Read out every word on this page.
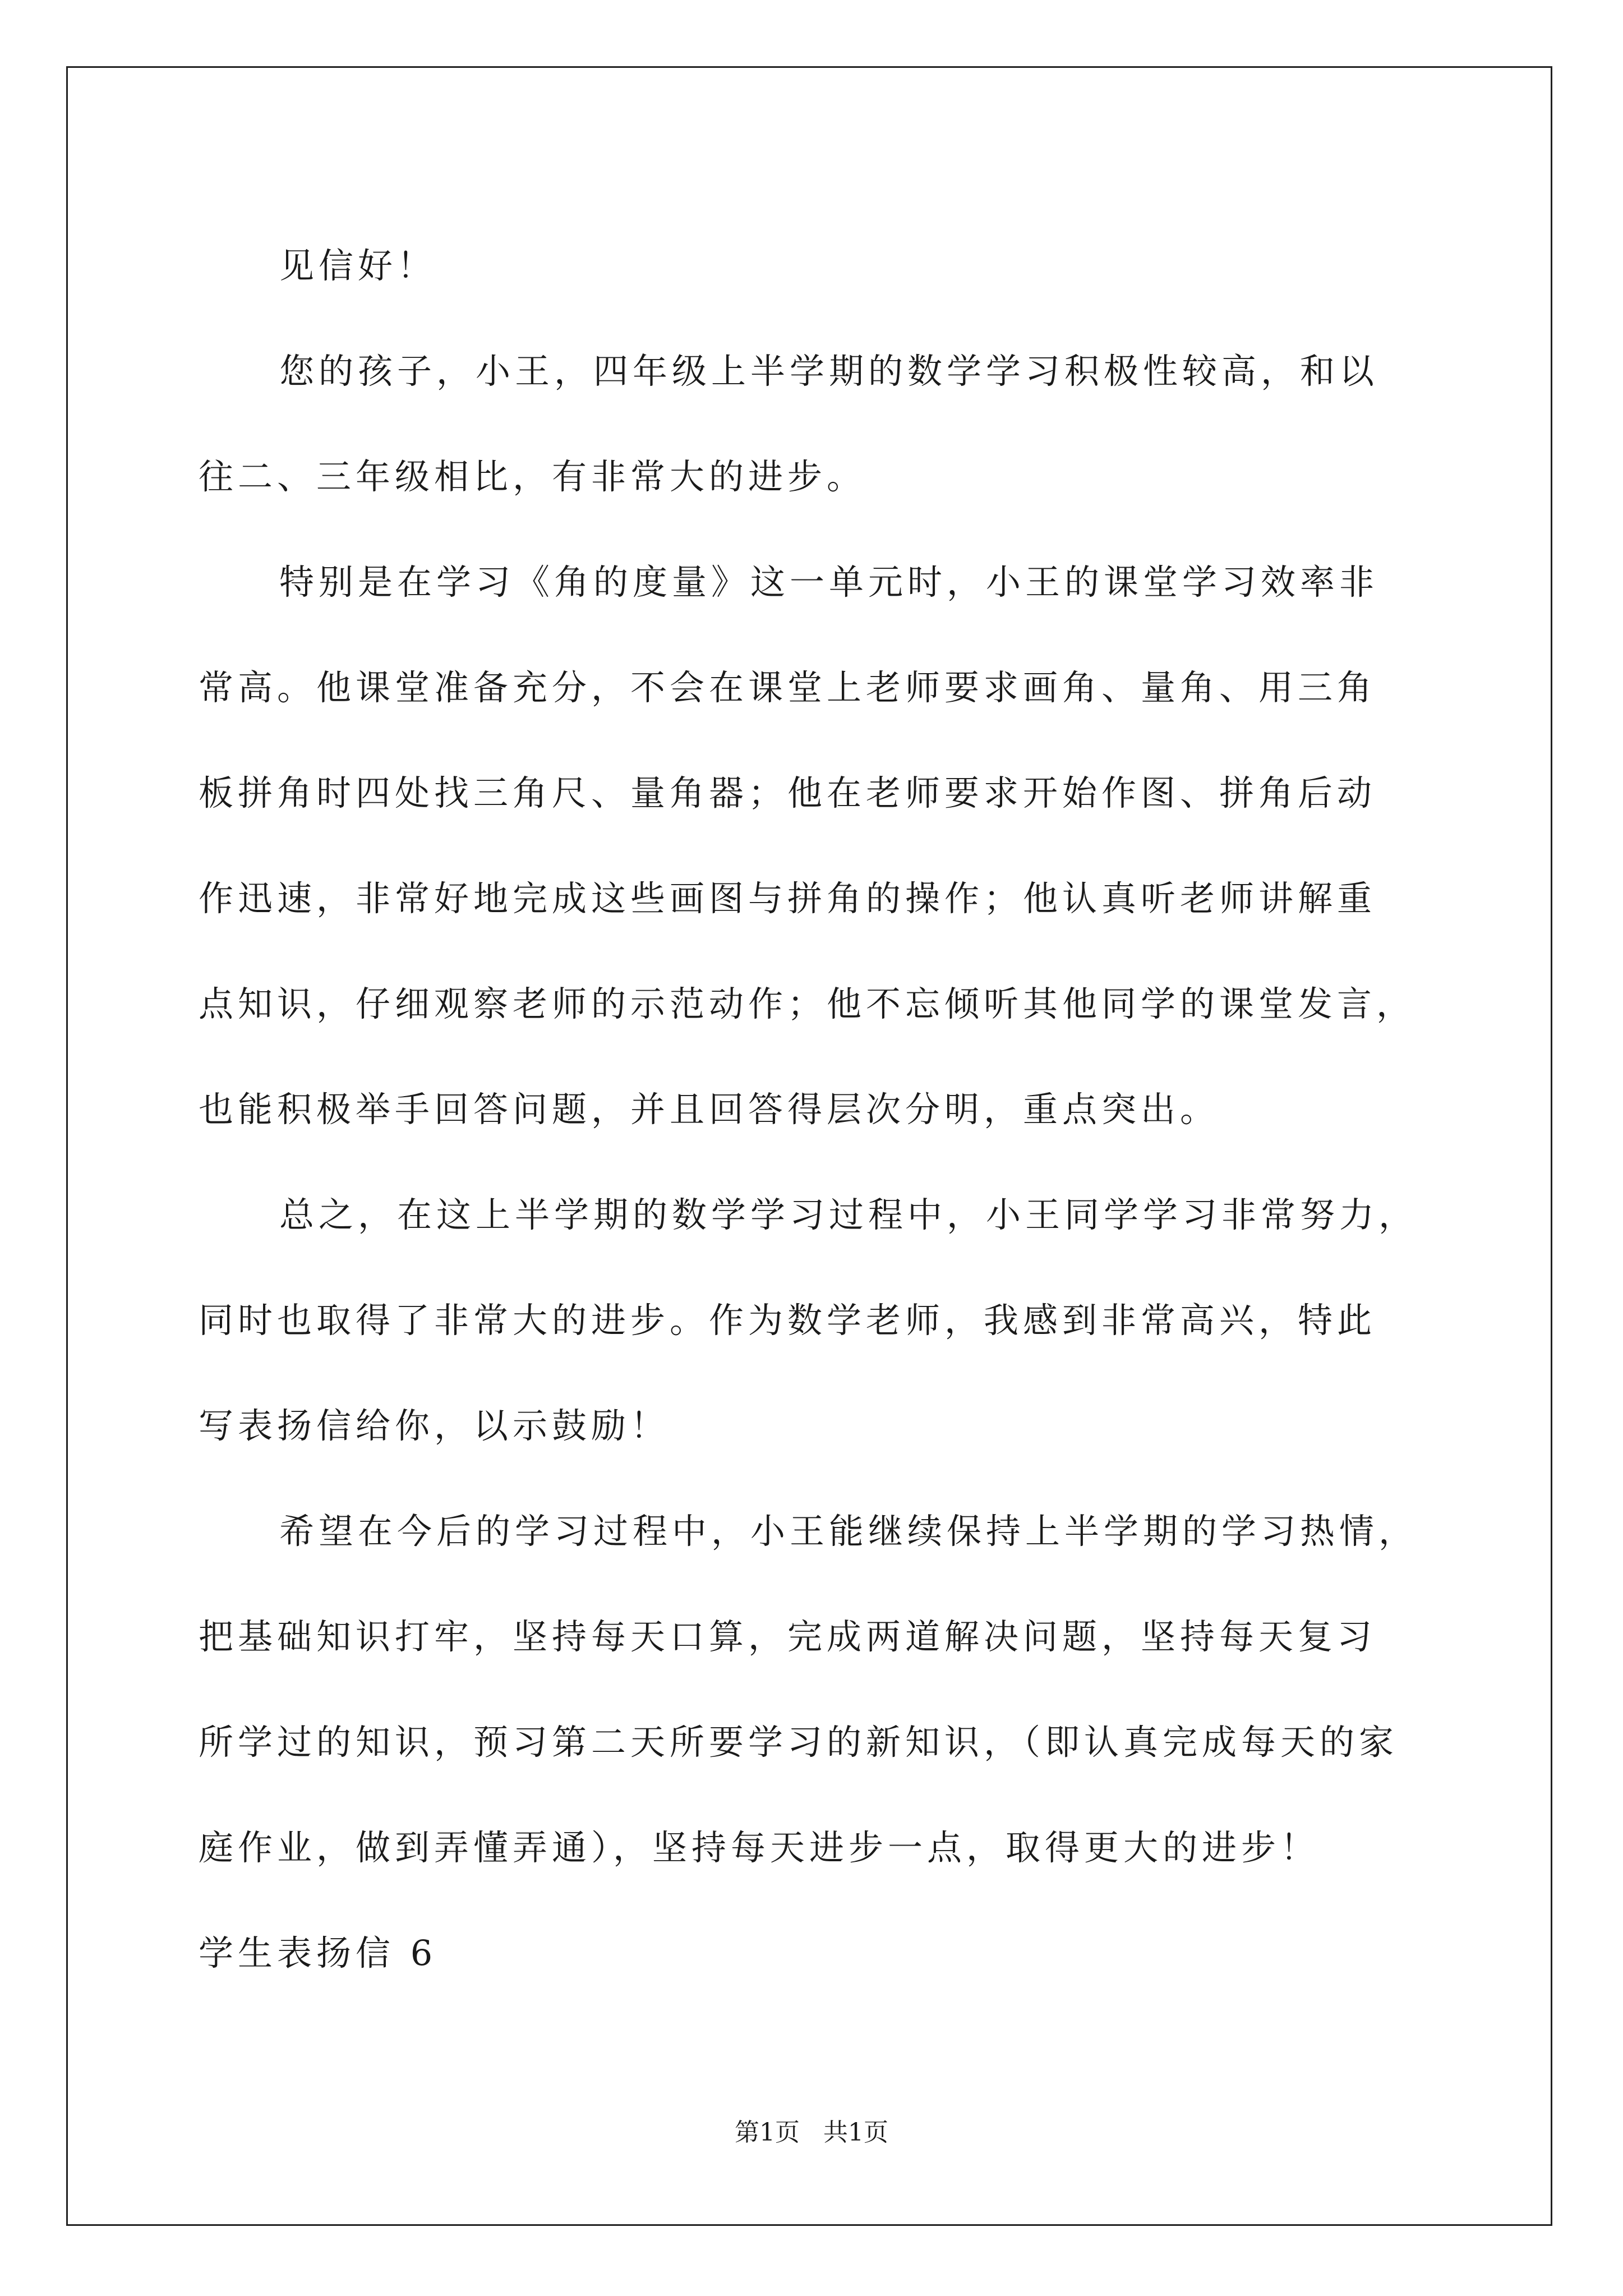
见信好！
您的孩子，小王，四年级上半学期的数学学习积极性较高，和以
往二、三年级相比，有非常大的进步。
特别是在学习《角的度量》这一单元时，小王的课堂学习效率非
常高。他课堂准备充分，不会在课堂上老师要求画角、量角、用三角
板拼角时四处找三角尺、量角器；他在老师要求开始作图、拼角后动
作迅速，非常好地完成这些画图与拼角的操作；他认真听老师讲解重
点知识，仔细观察老师的示范动作；他不忘倾听其他同学的课堂发言，
也能积极举手回答问题，并且回答得层次分明，重点突出。
总之，在这上半学期的数学学习过程中，小王同学学习非常努力，
同时也取得了非常大的进步。作为数学老师，我感到非常高兴，特此
写表扬信给你，以示鼓励！
希望在今后的学习过程中，小王能继续保持上半学期的学习热情，
把基础知识打牢，坚持每天口算，完成两道解决问题，坚持每天复习
所学过的知识，预习第二天所要学习的新知识，（即认真完成每天的家
庭作业，做到弄懂弄通），坚持每天进步一点，取得更大的进步！
学生表扬信 6
第1页   共1页
